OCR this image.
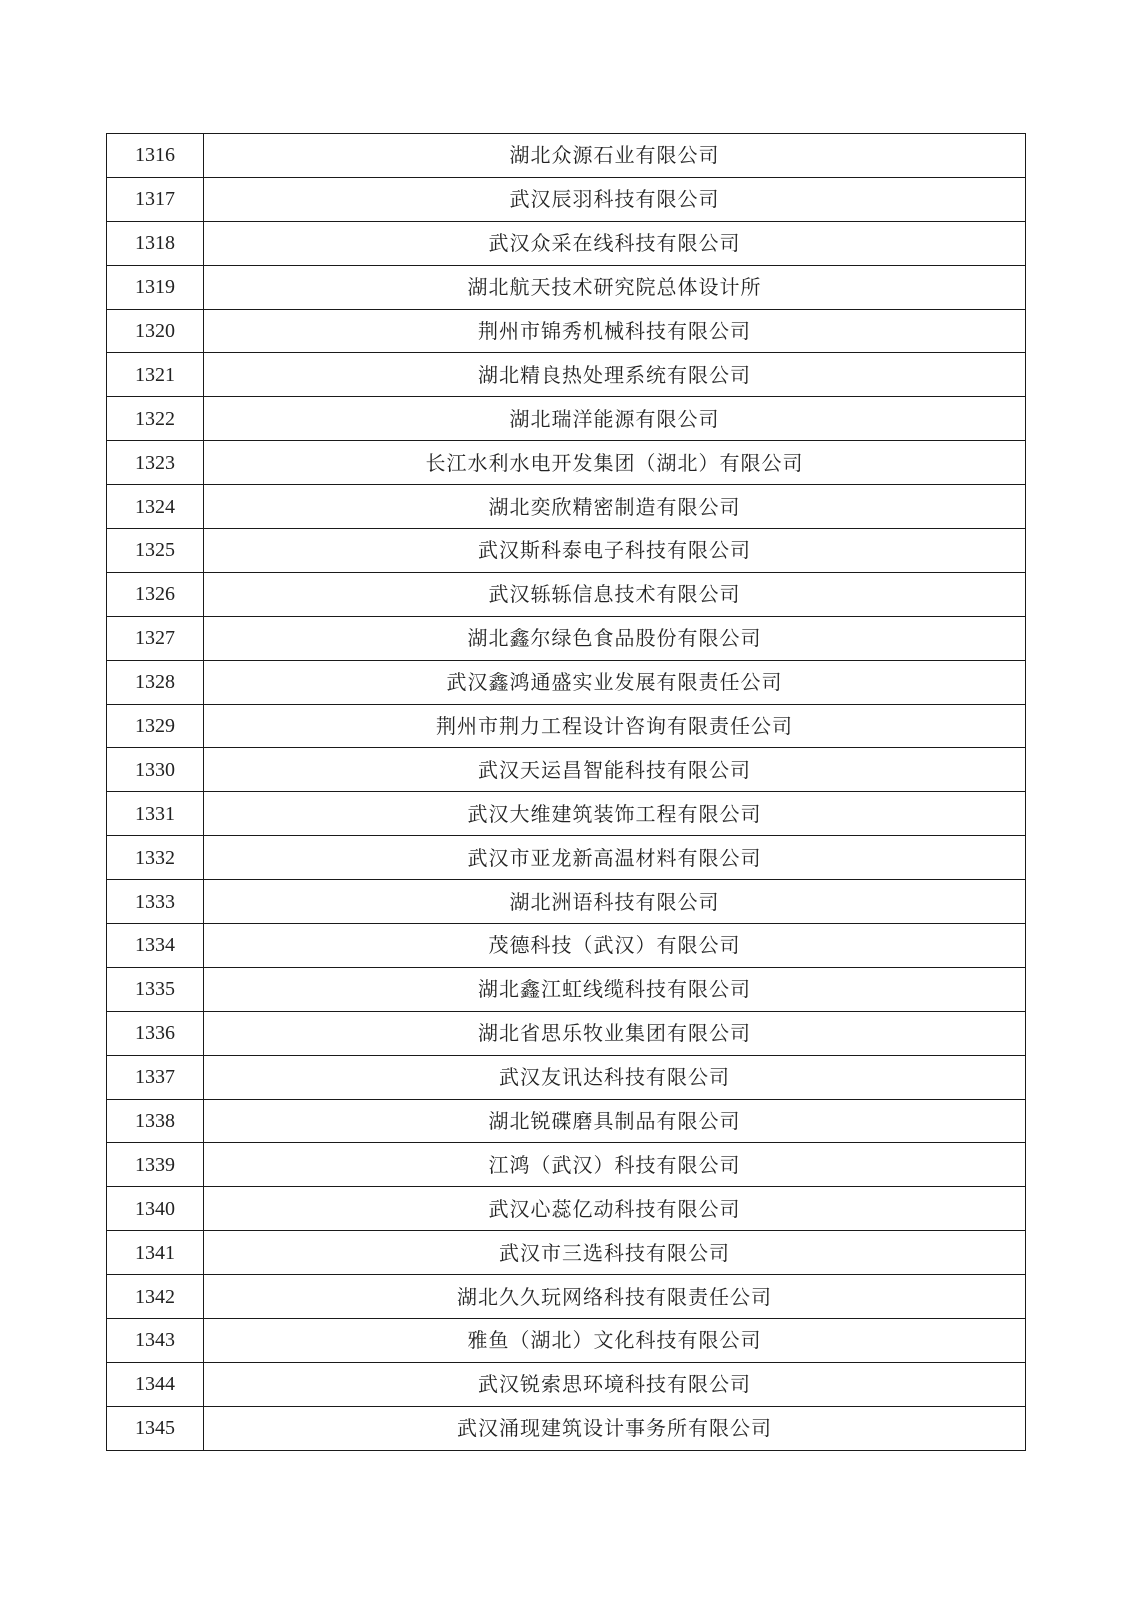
1316	湖北众源石业有限公司
1317	武汉辰羽科技有限公司
1318	武汉众采在线科技有限公司
1319	湖北航天技术研究院总体设计所
1320	荆州市锦秀机械科技有限公司
1321	湖北精良热处理系统有限公司
1322	湖北瑞洋能源有限公司
1323	长江水利水电开发集团（湖北）有限公司
1324	湖北奕欣精密制造有限公司
1325	武汉斯科泰电子科技有限公司
1326	武汉轹轹信息技术有限公司
1327	湖北鑫尔绿色食品股份有限公司
1328	武汉鑫鸿通盛实业发展有限责任公司
1329	荆州市荆力工程设计咨询有限责任公司
1330	武汉天运昌智能科技有限公司
1331	武汉大维建筑装饰工程有限公司
1332	武汉市亚龙新高温材料有限公司
1333	湖北洲语科技有限公司
1334	茂德科技（武汉）有限公司
1335	湖北鑫江虹线缆科技有限公司
1336	湖北省思乐牧业集团有限公司
1337	武汉友讯达科技有限公司
1338	湖北锐碟磨具制品有限公司
1339	江鸿（武汉）科技有限公司
1340	武汉心蕊亿动科技有限公司
1341	武汉市三选科技有限公司
1342	湖北久久玩网络科技有限责任公司
1343	雅鱼（湖北）文化科技有限公司
1344	武汉锐索思环境科技有限公司
1345	武汉涌现建筑设计事务所有限公司
